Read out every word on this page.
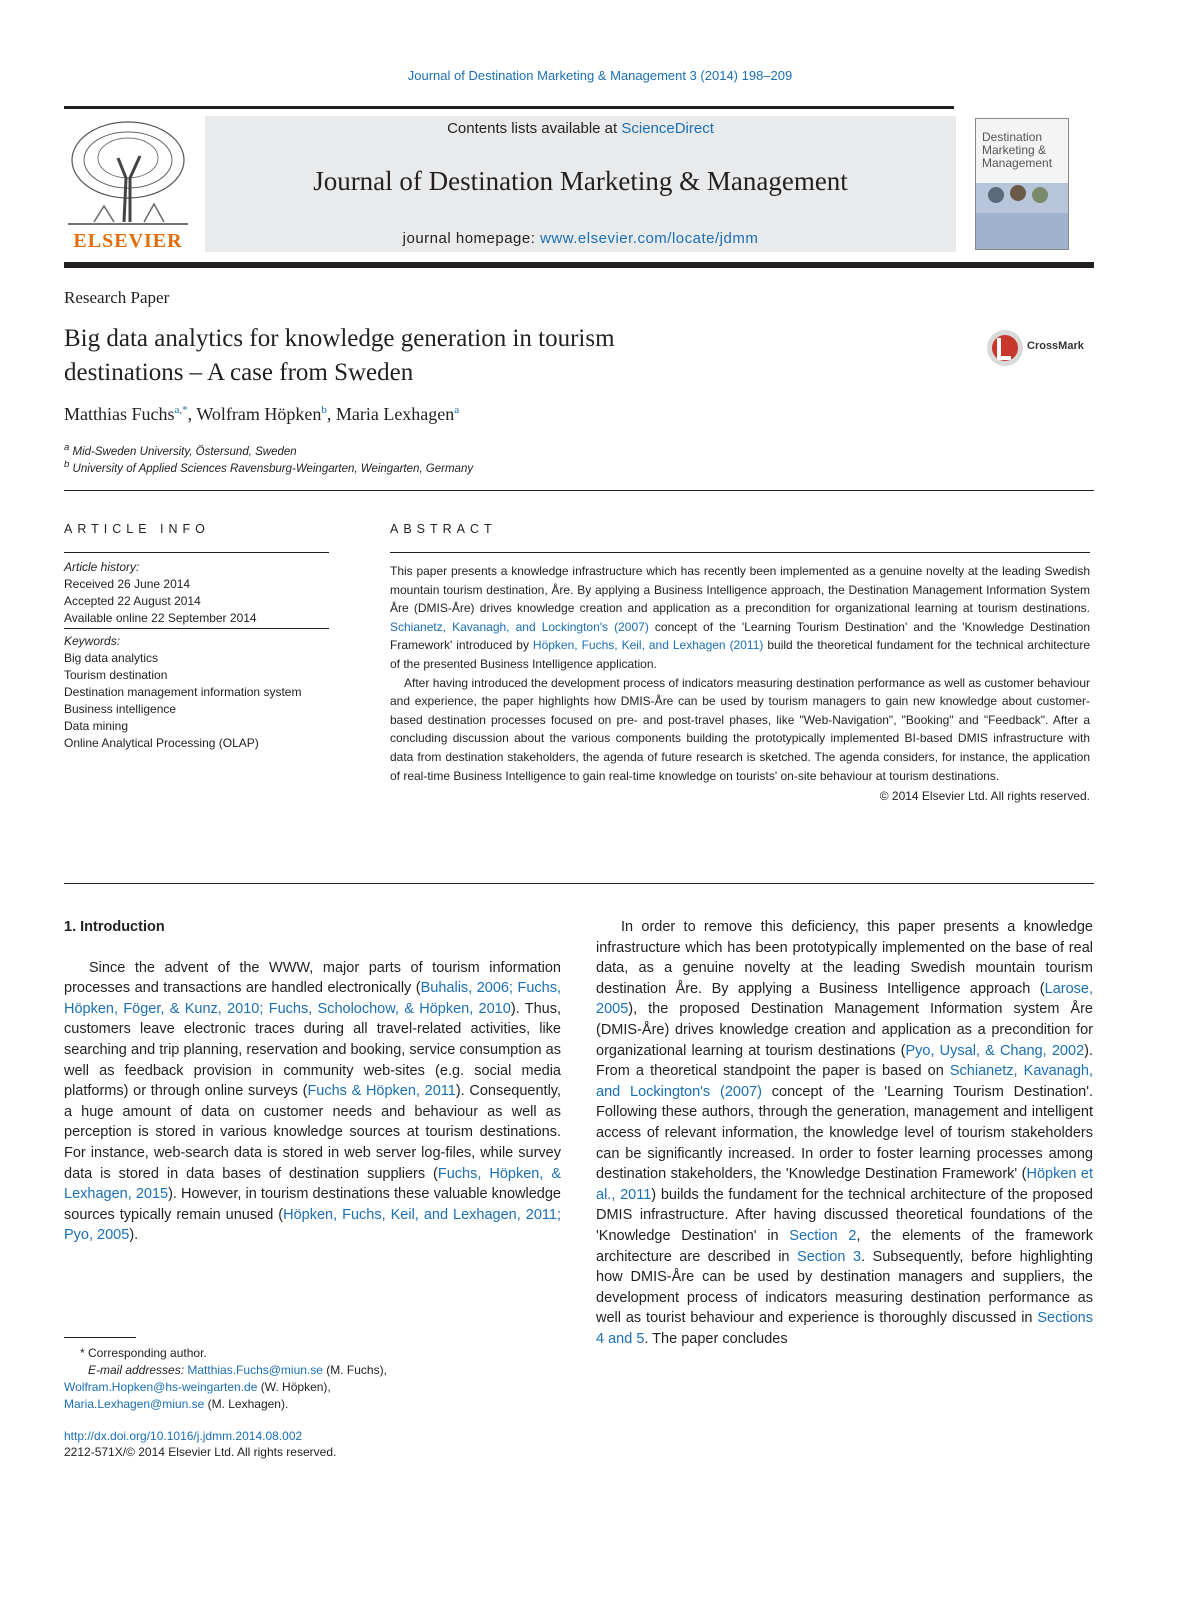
Journal of Destination Marketing & Management 3 (2014) 198–209
ELSEVIER
Contents lists available at ScienceDirect
Journal of Destination Marketing & Management
journal homepage: www.elsevier.com/locate/jdmm
Destination Marketing & Management
Research Paper
Big data analytics for knowledge generation in tourism
destinations – A case from Sweden
CrossMark
Matthias Fuchs$^{a,*}$, Wolfram Höpken$^b$, Maria Lexhagen$^a$
$^a$ Mid-Sweden University, Östersund, Sweden
$^b$ University of Applied Sciences Ravensburg-Weingarten, Weingarten, Germany
ARTICLE INFO
Article history:
Received 26 June 2014
Accepted 22 August 2014
Available online 22 September 2014
Keywords:
Big data analytics
Tourism destination
Destination management information system
Business intelligence
Data mining
Online Analytical Processing (OLAP)
ABSTRACT

This paper presents a knowledge infrastructure which has recently been implemented as a genuine novelty at the leading Swedish mountain tourism destination, Åre. By applying a Business Intelligence approach, the Destination Management Information System Åre (DMIS-Åre) drives knowledge creation and application as a precondition for organizational learning at tourism destinations. Schianetz, Kavanagh, and Lockington's (2007) concept of the 'Learning Tourism Destination' and the 'Knowledge Destination Framework' introduced by Höpken, Fuchs, Keil, and Lexhagen (2011) build the theoretical fundament for the technical architecture of the presented Business Intelligence application.

After having introduced the development process of indicators measuring destination performance as well as customer behaviour and experience, the paper highlights how DMIS-Åre can be used by tourism managers to gain new knowledge about customer-based destination processes focused on pre- and post-travel phases, like "Web-Navigation", "Booking" and "Feedback". After a concluding discussion about the various components building the prototypically implemented BI-based DMIS infrastructure with data from destination stakeholders, the agenda of future research is sketched. The agenda considers, for instance, the application of real-time Business Intelligence to gain real-time knowledge on tourists' on-site behaviour at tourism destinations.

© 2014 Elsevier Ltd. All rights reserved.

1. Introduction

Since the advent of the WWW, major parts of tourism information processes and transactions are handled electronically (Buhalis, 2006; Fuchs, Höpken, Föger, & Kunz, 2010; Fuchs, Scholochow, & Höpken, 2010). Thus, customers leave electronic traces during all travel-related activities, like searching and trip planning, reservation and booking, service consumption as well as feedback provision in community web-sites (e.g. social media platforms) or through online surveys (Fuchs & Höpken, 2011). Consequently, a huge amount of data on customer needs and behaviour as well as perception is stored in various knowledge sources at tourism destinations. For instance, web-search data is stored in web server log-files, while survey data is stored in data bases of destination suppliers (Fuchs, Höpken, & Lexhagen, 2015). However, in tourism destinations these valuable knowledge sources typically remain unused (Höpken, Fuchs, Keil, and Lexhagen, 2011; Pyo, 2005).

In order to remove this deficiency, this paper presents a knowledge infrastructure which has been prototypically implemented on the base of real data, as a genuine novelty at the leading Swedish mountain tourism destination Åre. By applying a Business Intelligence approach (Larose, 2005), the proposed Destination Management Information system Åre (DMIS-Åre) drives knowledge creation and application as a precondition for organizational learning at tourism destinations (Pyo, Uysal, & Chang, 2002). From a theoretical standpoint the paper is based on Schianetz, Kavanagh, and Lockington's (2007) concept of the 'Learning Tourism Destination'. Following these authors, through the generation, management and intelligent access of relevant information, the knowledge level of tourism stakeholders can be significantly increased. In order to foster learning processes among destination stakeholders, the 'Knowledge Destination Framework' (Höpken et al., 2011) builds the fundament for the technical architecture of the proposed DMIS infrastructure. After having discussed theoretical foundations of the 'Knowledge Destination' in Section 2, the elements of the framework architecture are described in Section 3. Subsequently, before highlighting how DMIS-Åre can be used by destination managers and suppliers, the development process of indicators measuring destination performance as well as tourist behaviour and experience is thoroughly discussed in Sections 4 and 5. The paper concludes

* Corresponding author.
E-mail addresses: Matthias.Fuchs@miun.se (M. Fuchs),
Wolfram.Hopken@hs-weingarten.de (W. Höpken),
Maria.Lexhagen@miun.se (M. Lexhagen).
http://dx.doi.org/10.1016/j.jdmm.2014.08.002
2212-571X/© 2014 Elsevier Ltd. All rights reserved.
